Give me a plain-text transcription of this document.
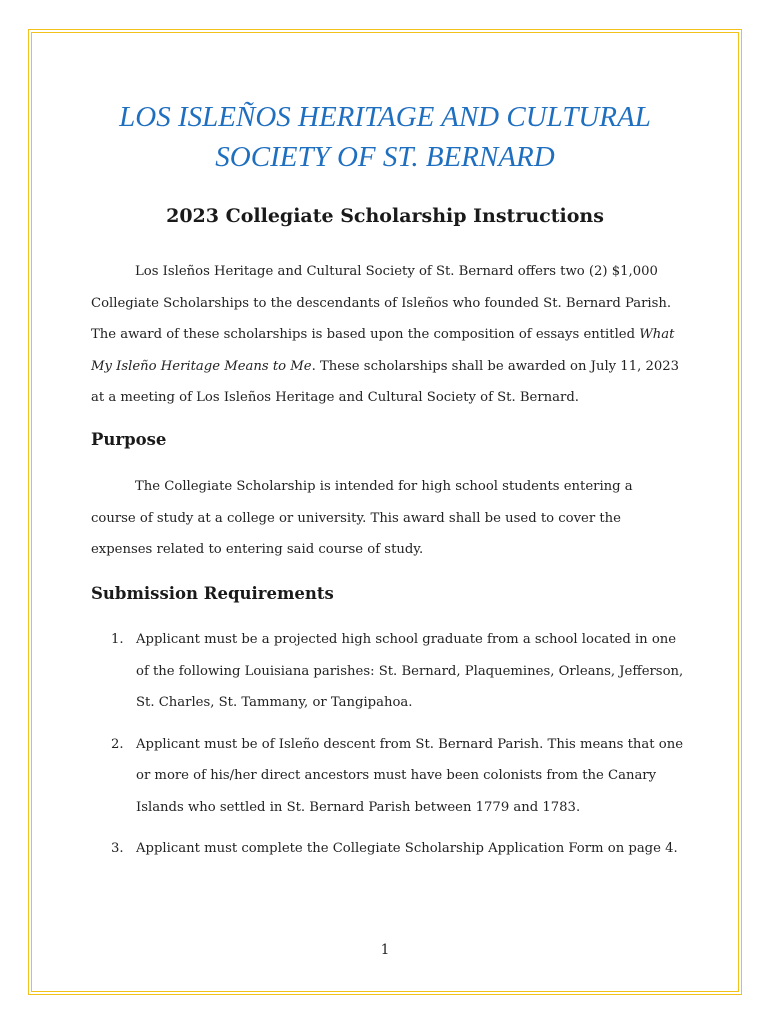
LOS ISLEÑOS HERITAGE AND CULTURAL
SOCIETY OF ST. BERNARD
2023 Collegiate Scholarship Instructions

Los Isleños Heritage and Cultural Society of St. Bernard offers two (2) $1,000 Collegiate Scholarships to the descendants of Isleños who founded St. Bernard Parish. The award of these scholarships is based upon the composition of essays entitled What My Isleño Heritage Means to Me. These scholarships shall be awarded on July 11, 2023 at a meeting of Los Isleños Heritage and Cultural Society of St. Bernard.

Purpose

The Collegiate Scholarship is intended for high school students entering a course of study at a college or university. This award shall be used to cover the expenses related to entering said course of study.

Submission Requirements
1. Applicant must be a projected high school graduate from a school located in one of the following Louisiana parishes: St. Bernard, Plaquemines, Orleans, Jefferson, St. Charles, St. Tammany, or Tangipahoa.
2. Applicant must be of Isleño descent from St. Bernard Parish. This means that one or more of his/her direct ancestors must have been colonists from the Canary Islands who settled in St. Bernard Parish between 1779 and 1783.
3. Applicant must complete the Collegiate Scholarship Application Form on page 4.
1
